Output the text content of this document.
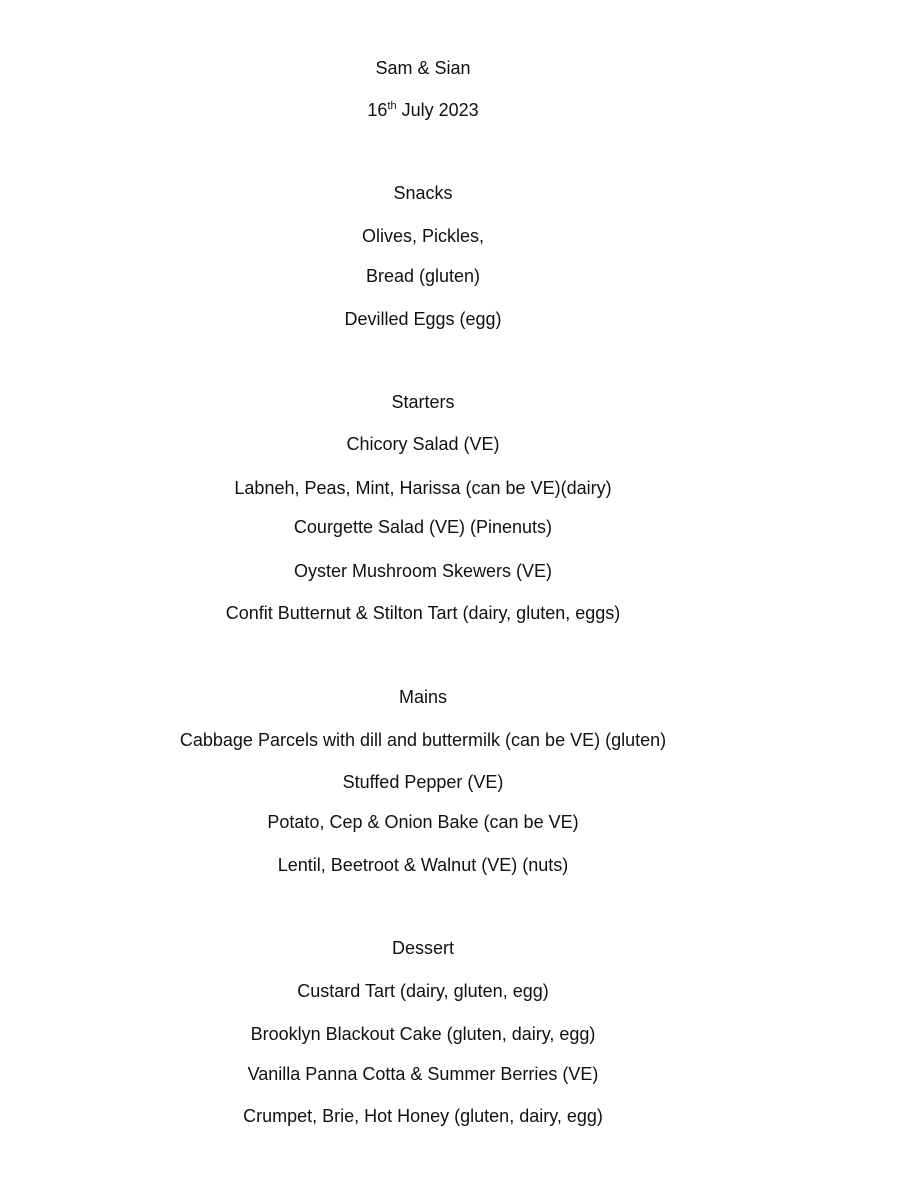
Sam & Sian
16th July 2023
Snacks
Olives, Pickles,
Bread (gluten)
Devilled Eggs (egg)
Starters
Chicory Salad (VE)
Labneh, Peas, Mint, Harissa (can be VE)(dairy)
Courgette Salad (VE) (Pinenuts)
Oyster Mushroom Skewers (VE)
Confit Butternut & Stilton Tart (dairy, gluten, eggs)
Mains
Cabbage Parcels with dill and buttermilk (can be VE) (gluten)
Stuffed Pepper (VE)
Potato, Cep & Onion Bake (can be VE)
Lentil, Beetroot & Walnut (VE) (nuts)
Dessert
Custard Tart (dairy, gluten, egg)
Brooklyn Blackout Cake (gluten, dairy, egg)
Vanilla Panna Cotta & Summer Berries (VE)
Crumpet, Brie, Hot Honey (gluten, dairy, egg)
